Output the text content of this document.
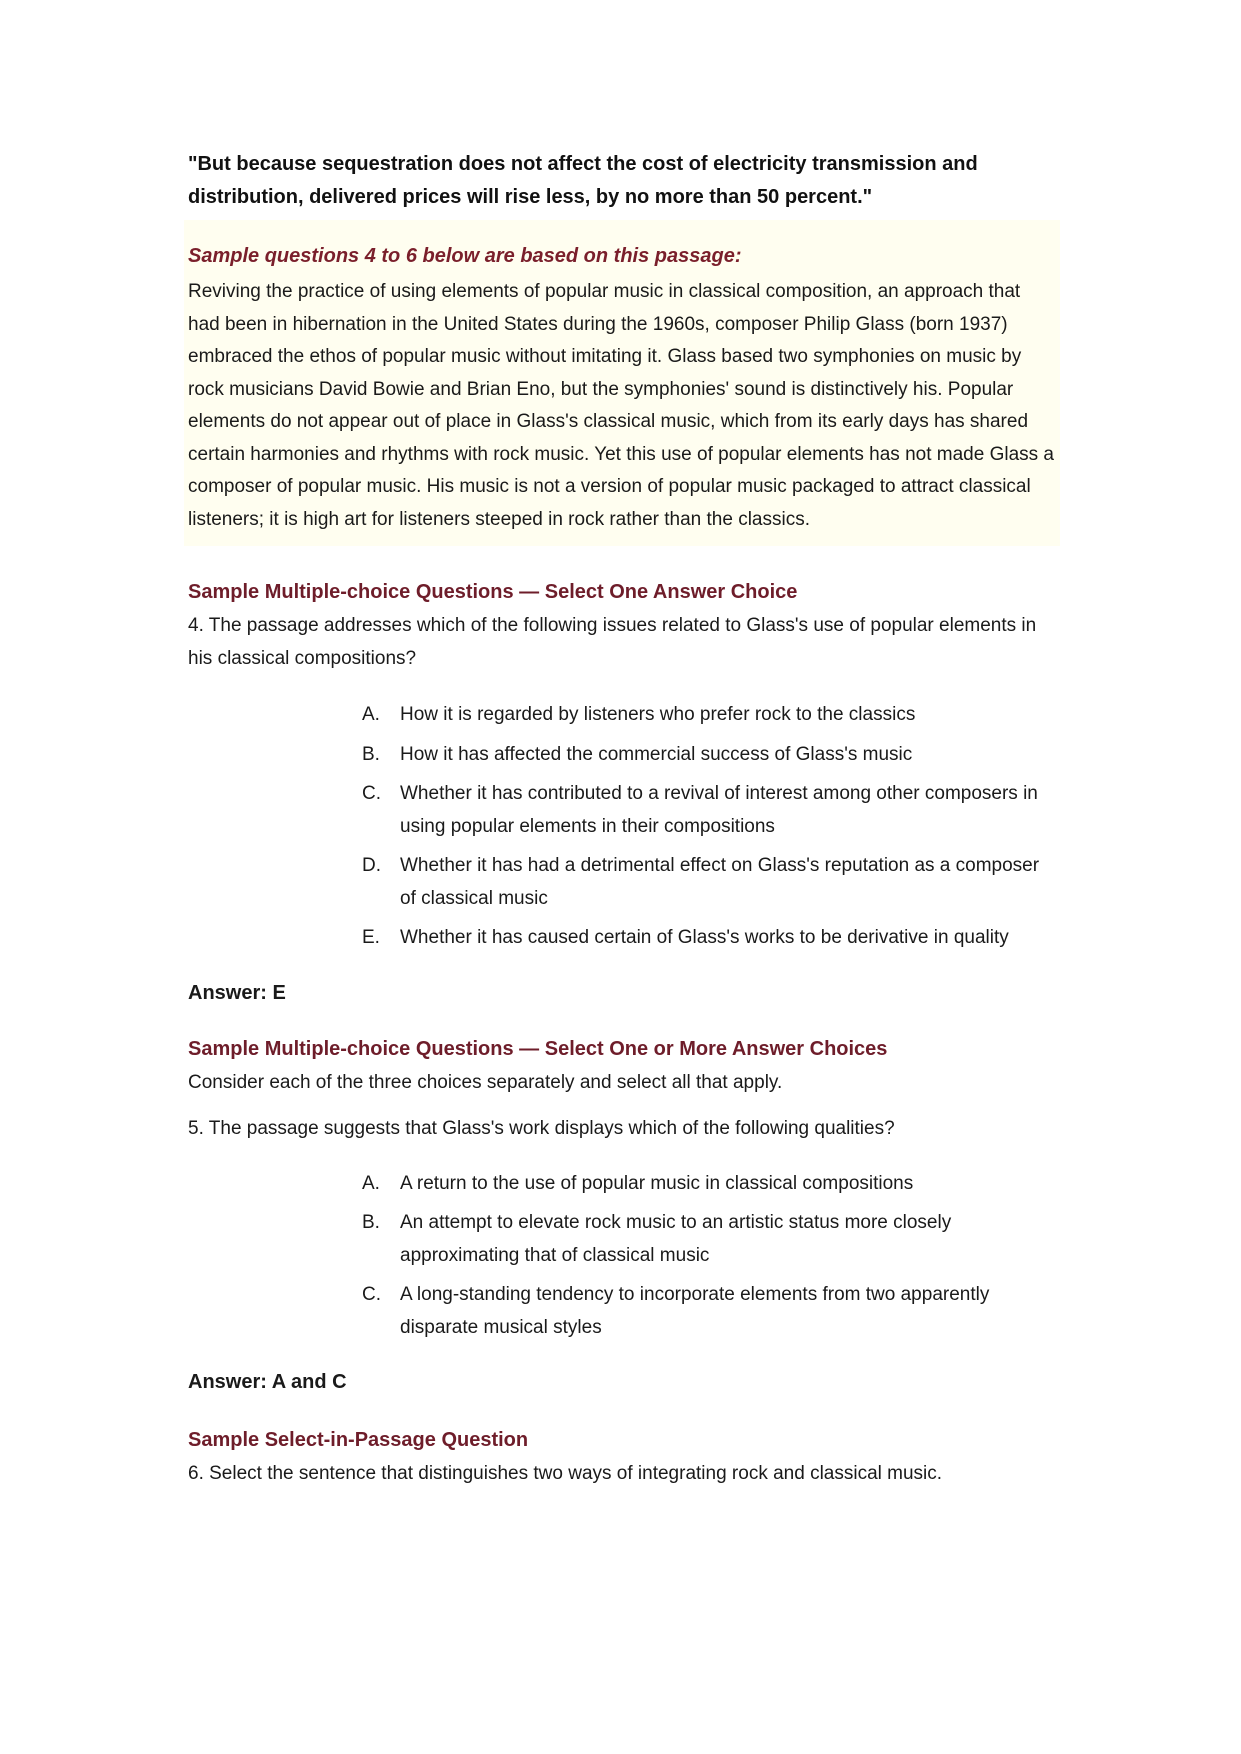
"But because sequestration does not affect the cost of electricity transmission and distribution, delivered prices will rise less, by no more than 50 percent."

Sample questions 4 to 6 below are based on this passage:

Reviving the practice of using elements of popular music in classical composition, an approach that had been in hibernation in the United States during the 1960s, composer Philip Glass (born 1937) embraced the ethos of popular music without imitating it. Glass based two symphonies on music by rock musicians David Bowie and Brian Eno, but the symphonies' sound is distinctively his. Popular elements do not appear out of place in Glass's classical music, which from its early days has shared certain harmonies and rhythms with rock music. Yet this use of popular elements has not made Glass a composer of popular music. His music is not a version of popular music packaged to attract classical listeners; it is high art for listeners steeped in rock rather than the classics.

Sample Multiple-choice Questions — Select One Answer Choice

4. The passage addresses which of the following issues related to Glass's use of popular elements in his classical compositions?

A.	How it is regarded by listeners who prefer rock to the classics
B.	How it has affected the commercial success of Glass's music
C.	Whether it has contributed to a revival of interest among other composers in using popular elements in their compositions
D.	Whether it has had a detrimental effect on Glass's reputation as a composer of classical music
E.	Whether it has caused certain of Glass's works to be derivative in quality

Answer: E

Sample Multiple-choice Questions — Select One or More Answer Choices

Consider each of the three choices separately and select all that apply.

5. The passage suggests that Glass's work displays which of the following qualities?

A.	A return to the use of popular music in classical compositions
B.	An attempt to elevate rock music to an artistic status more closely approximating that of classical music
C.	A long-standing tendency to incorporate elements from two apparently disparate musical styles

Answer: A and C

Sample Select-in-Passage Question

6. Select the sentence that distinguishes two ways of integrating rock and classical music.
